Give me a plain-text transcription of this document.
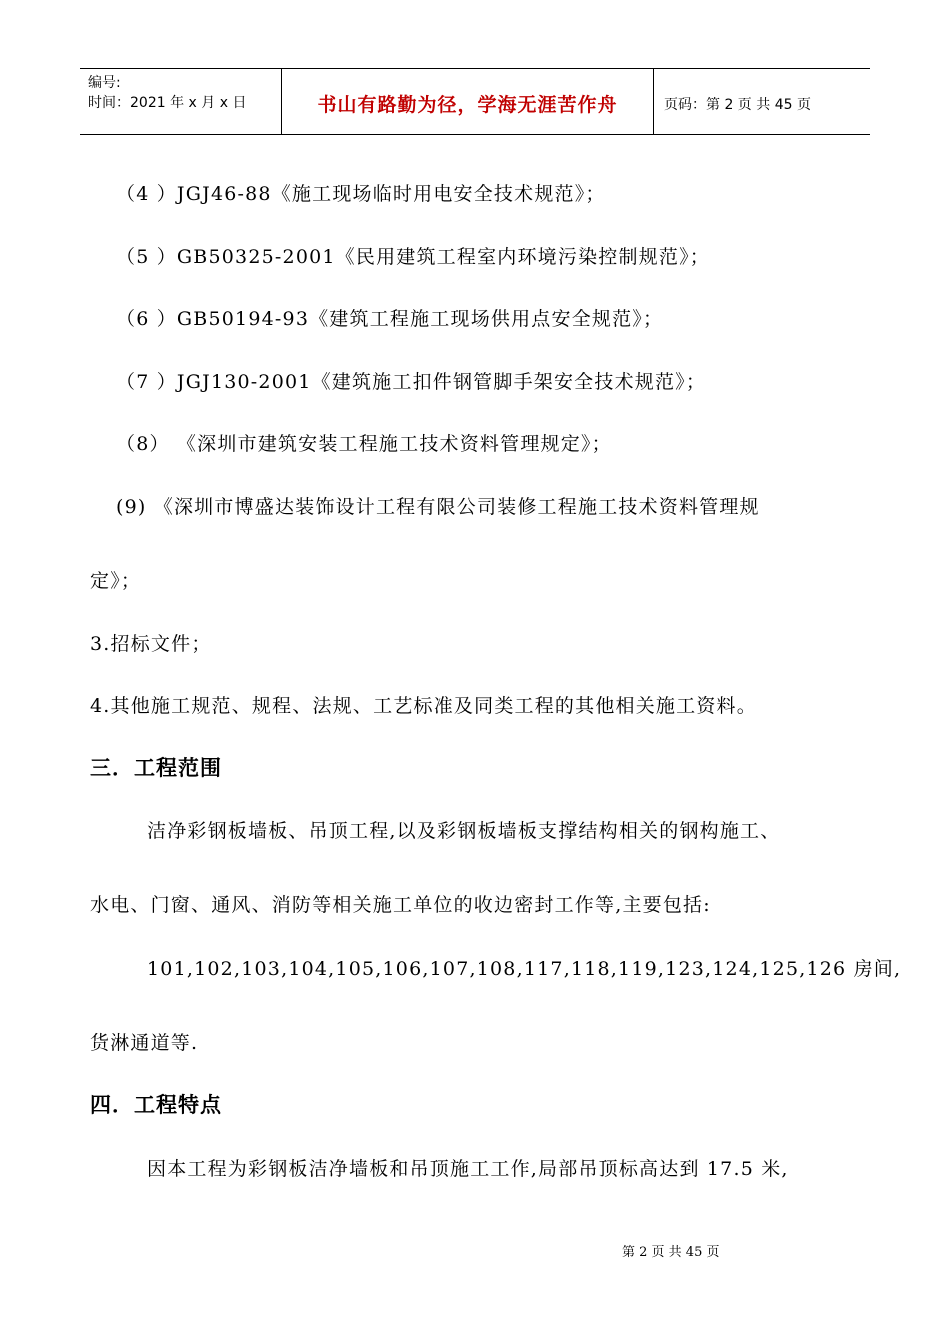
编号:
时间：2021 年 x 月 x 日	书山有路勤为径，学海无涯苦作舟	页码：第 2 页 共 45 页
（4 ）JGJ46-88《施工现场临时用电安全技术规范》；
（5 ）GB50325-2001《民用建筑工程室内环境污染控制规范》；
（6 ）GB50194-93《建筑工程施工现场供用点安全规范》；
（7 ）JGJ130-2001《建筑施工扣件钢管脚手架安全技术规范》；
（8） 《深圳市建筑安装工程施工技术资料管理规定》；
(9) 《深圳市博盛达装饰设计工程有限公司装修工程施工技术资料管理规
定》；
3.招标文件；
4.其他施工规范、规程、法规、工艺标准及同类工程的其他相关施工资料。
三．工程范围
洁净彩钢板墙板、吊顶工程,以及彩钢板墙板支撑结构相关的钢构施工、
水电、门窗、通风、消防等相关施工单位的收边密封工作等,主要包括:
101,102,103,104,105,106,107,108,117,118,119,123,124,125,126 房间,
货淋通道等.
四．工程特点
因本工程为彩钢板洁净墙板和吊顶施工工作,局部吊顶标高达到 17.5 米,
第 2 页 共 45 页
